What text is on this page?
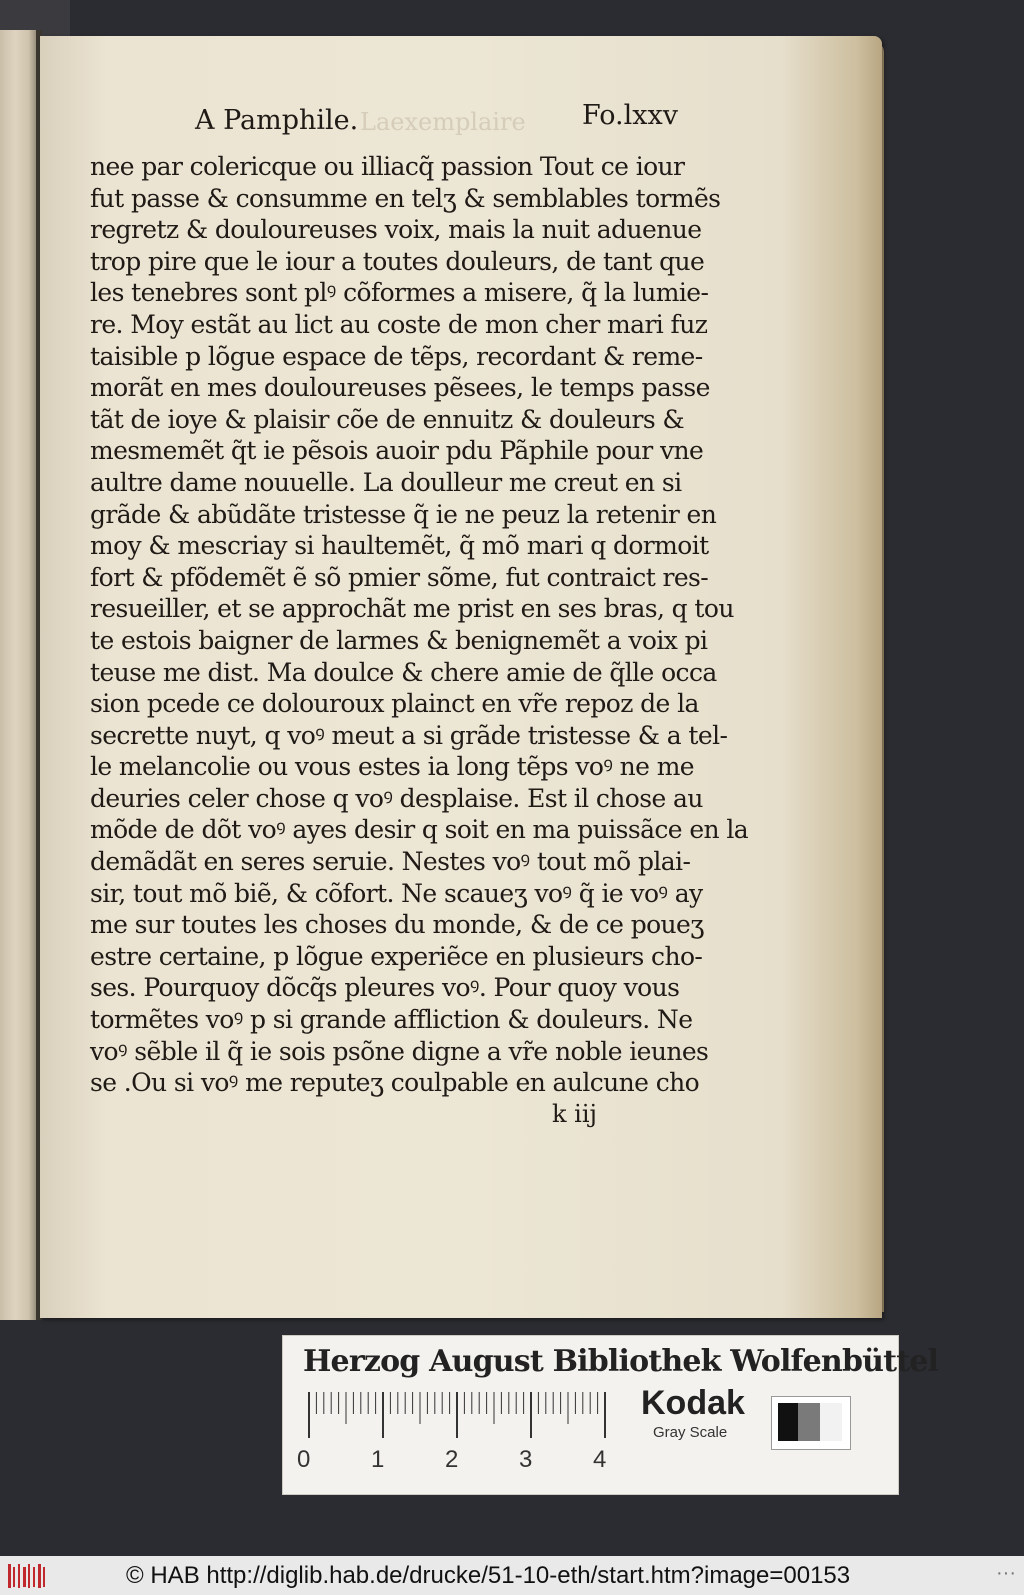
A Pamphile. Laexemplaire Fo.lxxv
nee par colericque ou illiacq̃ passion Tout ce iour
fut passe & consumme en telʒ & semblables tormẽs
regretz & douloureuses voix, mais la nuit aduenue
trop pire que le iour a toutes douleurs, de tant que
les tenebres sont plꝰ cõformes a misere, q̃ la lumie-
re. Moy estãt au lict au coste de mon cher mari fuz
taisible p lõgue espace de tẽps, recordant & reme-
morãt en mes douloureuses pẽsees, le temps passe
tãt de ioye & plaisir cõe de ennuitz & douleurs &
mesmemẽt q̃t ie pẽsois auoir pdu Pãphile pour vne
aultre dame nouuelle. La doulleur me creut en si
grãde & abũdãte tristesse q̃ ie ne peuz la retenir en
moy & mescriay si haultemẽt, q̃ mõ mari q dormoit
fort & pfõdemẽt ẽ sõ pmier sõme, fut contraict res-
resueiller, et se approchãt me prist en ses bras, q tou
te estois baigner de larmes & benignemẽt a voix pi
teuse me dist. Ma doulce & chere amie de q̃lle occa
sion pcede ce dolouroux plainct en vr̃e repoz de la
secrette nuyt, q voꝰ meut a si grãde tristesse & a tel-
le melancolie ou vous estes ia long tẽps voꝰ ne me
deuries celer chose q voꝰ desplaise. Est il chose au
mõde de dõt voꝰ ayes desir q soit en ma puissãce en la
demãdãt en seres seruie. Nestes voꝰ tout mõ plai-
sir, tout mõ biẽ, & cõfort. Ne scaueʒ voꝰ q̃ ie voꝰ ay
me sur toutes les choses du monde, & de ce poueʒ
estre certaine, p lõgue experiẽce en plusieurs cho-
ses. Pourquoy dõcq̃s pleures voꝰ. Pour quoy vous
tormẽtes voꝰ p si grande affliction & douleurs. Ne
voꝰ sẽble il q̃ ie sois psõne digne a vr̃e noble ieunes
se .Ou si voꝰ me reputeʒ coulpable en aulcune cho
k iij
Herzog August Bibliothek Wolfenbüttel
0	1	2	3	4
Kodak
Gray Scale
© HAB http://diglib.hab.de/drucke/51-10-eth/start.htm?image=00153	···
